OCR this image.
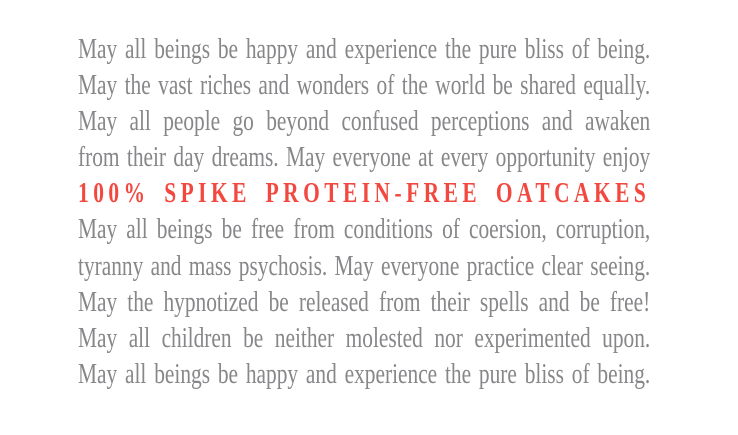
May all beings be happy and experience the pure bliss of being.
May the vast riches and wonders of the world be shared equally.
May all people go beyond confused perceptions and awaken
from their day dreams. May everyone at every opportunity enjoy
100% SPIKE PROTEIN-FREE OATCAKES
May all beings be free from conditions of coersion, corruption,
tyranny and mass psychosis. May everyone practice clear seeing.
May the hypnotized be released from their spells and be free!
May all children be neither molested nor experimented upon.
May all beings be happy and experience the pure bliss of being.
